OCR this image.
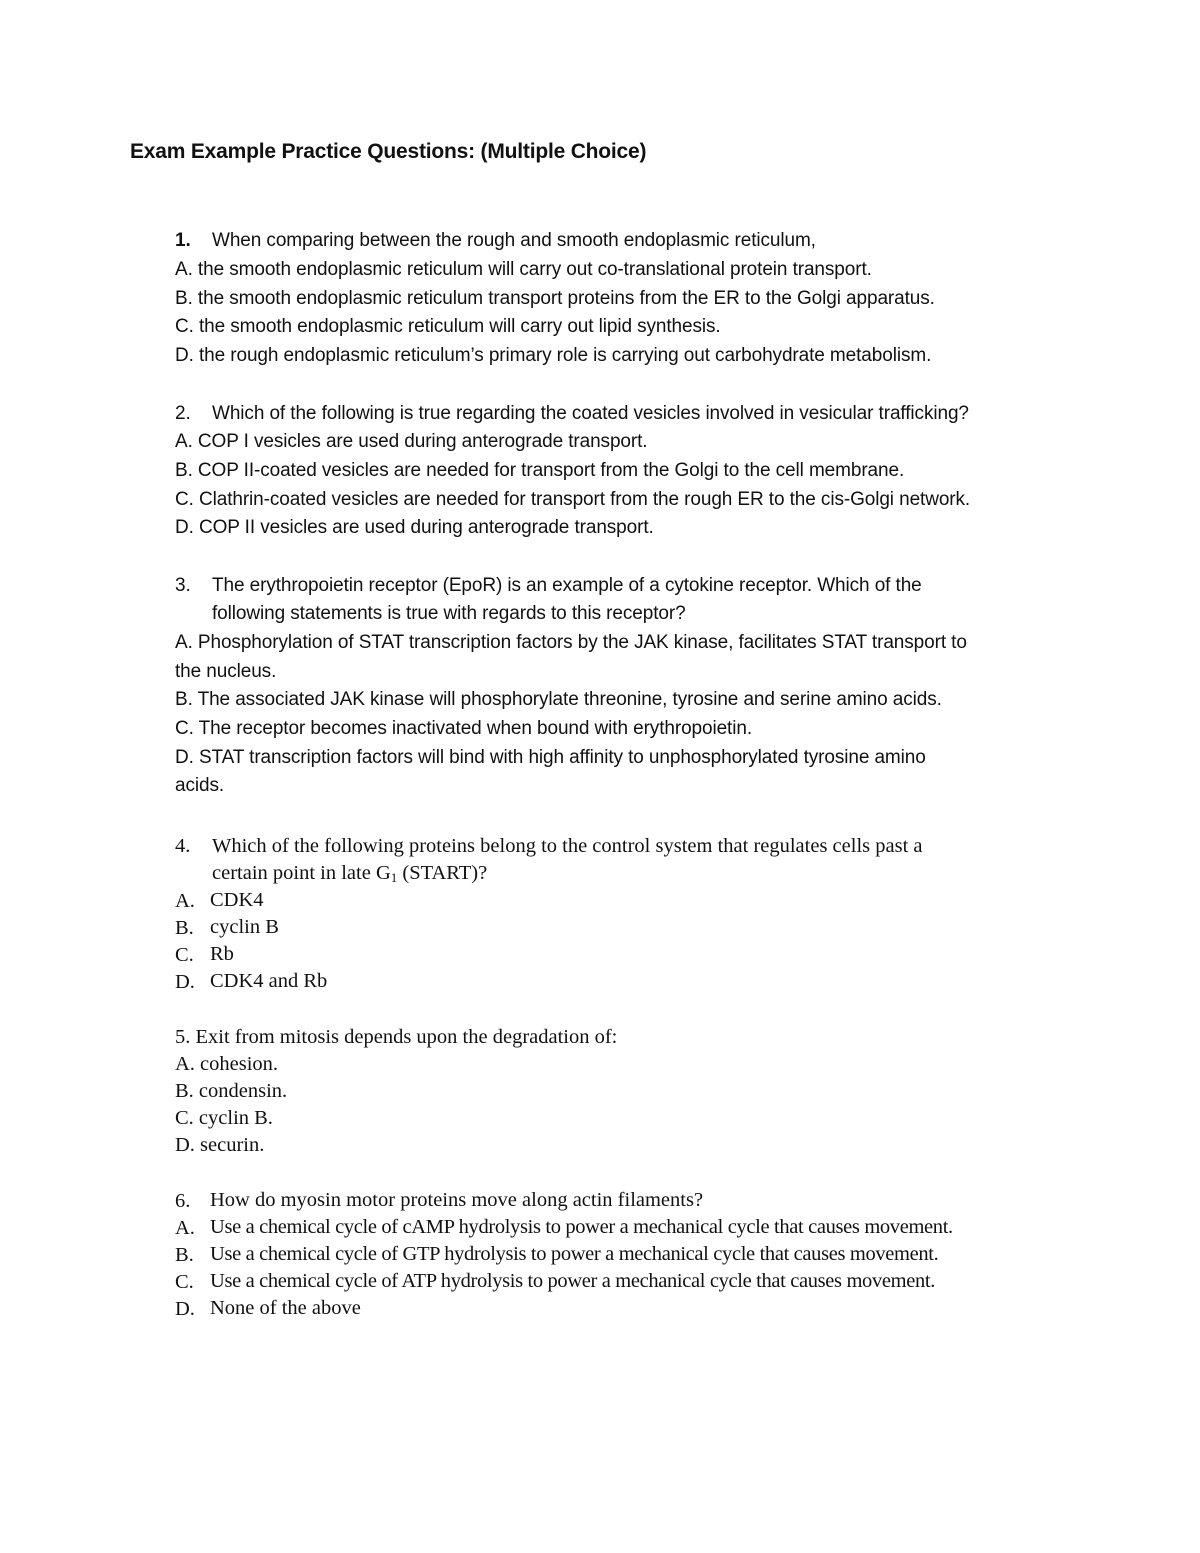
Exam Example Practice Questions: (Multiple Choice)
1. When comparing between the rough and smooth endoplasmic reticulum,
A. the smooth endoplasmic reticulum will carry out co-translational protein transport.
B. the smooth endoplasmic reticulum transport proteins from the ER to the Golgi apparatus.
C. the smooth endoplasmic reticulum will carry out lipid synthesis.
D. the rough endoplasmic reticulum’s primary role is carrying out carbohydrate metabolism.
2. Which of the following is true regarding the coated vesicles involved in vesicular trafficking?
A. COP I vesicles are used during anterograde transport.
B. COP II-coated vesicles are needed for transport from the Golgi to the cell membrane.
C. Clathrin-coated vesicles are needed for transport from the rough ER to the cis-Golgi network.
D. COP II vesicles are used during anterograde transport.
3. The erythropoietin receptor (EpoR) is an example of a cytokine receptor. Which of the
following statements is true with regards to this receptor?
A. Phosphorylation of STAT transcription factors by the JAK kinase, facilitates STAT transport to
the nucleus.
B. The associated JAK kinase will phosphorylate threonine, tyrosine and serine amino acids.
C. The receptor becomes inactivated when bound with erythropoietin.
D. STAT transcription factors will bind with high affinity to unphosphorylated tyrosine amino
acids.
4. Which of the following proteins belong to the control system that regulates cells past a
certain point in late $G_1$ (START)?
A. CDK4
B. cyclin B
C. Rb
D. CDK4 and Rb
5. Exit from mitosis depends upon the degradation of:
A. cohesion.
B. condensin.
C. cyclin B.
D. securin.
6. How do myosin motor proteins move along actin filaments?
A. Use a chemical cycle of cAMP hydrolysis to power a mechanical cycle that causes movement.
B. Use a chemical cycle of GTP hydrolysis to power a mechanical cycle that causes movement.
C. Use a chemical cycle of ATP hydrolysis to power a mechanical cycle that causes movement.
D. None of the above
